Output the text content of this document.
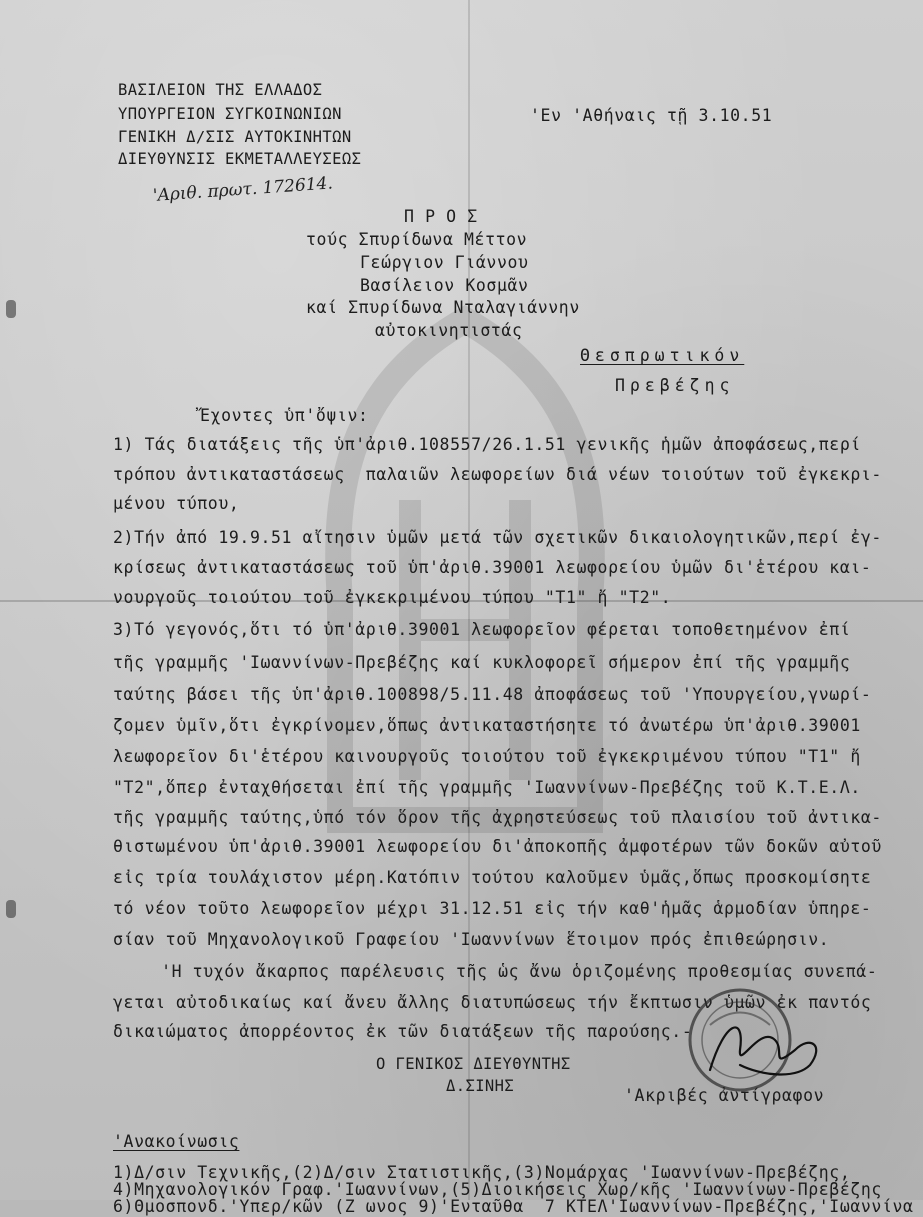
ΒΑΣΙΛΕΙΟΝ ΤΗΣ ΕΛΛΑΔΟΣ
ΥΠΟΥΡΓΕΙΟΝ ΣΥΓΚΟΙΝΩΝΙΩΝ
ΓΕΝΙΚΗ Δ/ΣΙΣ ΑΥΤΟΚΙΝΗΤΩΝ
ΔΙΕΥΘΥΝΣΙΣ ΕΚΜΕΤΑΛΛΕΥΣΕΩΣ
'Εν 'Αθήναις τῇ 3.10.51
'Αριθ. πρωτ. 172614.
Π Ρ Ο Σ
τούς Σπυρίδωνα Μέττον
Γεώργιον Γιάννου
Βασίλειον Κοσμᾶν
καί Σπυρίδωνα Νταλαγιάννην
αὐτοκινητιστάς
Θεσπρωτικόν
Πρεβέζης
Ἔχοντες ὑπ'ὄψιν:
1) Τάς διατάξεις τῆς ὑπ'ἀριθ.108557/26.1.51 γενικῆς ἡμῶν ἀποφάσεως,περί
τρόπου ἀντικαταστάσεως  παλαιῶν λεωφορείων διά νέων τοιούτων τοῦ ἐγκεκρι-
μένου τύπου,
2)Τήν ἀπό 19.9.51 αἴτησιν ὑμῶν μετά τῶν σχετικῶν δικαιολογητικῶν,περί ἐγ-
κρίσεως ἀντικαταστάσεως τοῦ ὑπ'ἀριθ.39001 λεωφορείου ὑμῶν δι'ἑτέρου και-
νουργοῦς τοιούτου τοῦ ἐγκεκριμένου τύπου "Τ1" ἤ "Τ2".
3)Τό γεγονός,ὅτι τό ὑπ'ἀριθ.39001 λεωφορεῖον φέρεται τοποθετημένον ἐπί
τῆς γραμμῆς 'Ιωαννίνων-Πρεβέζης καί κυκλοφορεῖ σήμερον ἐπί τῆς γραμμῆς
ταύτης βάσει τῆς ὑπ'ἀριθ.100898/5.11.48 ἀποφάσεως τοῦ 'Υπουργείου,γνωρί-
ζομεν ὑμῖν,ὅτι ἐγκρίνομεν,ὅπως ἀντικαταστήσητε τό ἀνωτέρω ὑπ'ἀριθ.39001
λεωφορεῖον δι'ἑτέρου καινουργοῦς τοιούτου τοῦ ἐγκεκριμένου τύπου "Τ1" ἤ
"Τ2",ὅπερ ἐνταχθήσεται ἐπί τῆς γραμμῆς 'Ιωαννίνων-Πρεβέζης τοῦ Κ.Τ.Ε.Λ.
τῆς γραμμῆς ταύτης,ὑπό τόν ὅρον τῆς ἀχρηστεύσεως τοῦ πλαισίου τοῦ ἀντικα-
θιστωμένου ὑπ'ἀριθ.39001 λεωφορείου δι'ἀποκοπῆς ἀμφοτέρων τῶν δοκῶν αὐτοῦ
εἰς τρία τουλάχιστον μέρη.Κατόπιν τούτου καλοῦμεν ὑμᾶς,ὅπως προσκομίσητε
τό νέον τοῦτο λεωφορεῖον μέχρι 31.12.51 εἰς τήν καθ'ἡμᾶς ἁρμοδίαν ὑπηρε-
σίαν τοῦ Μηχανολογικοῦ Γραφείου 'Ιωαννίνων ἕτοιμον πρός ἐπιθεώρησιν.
'Η τυχόν ἄκαρπος παρέλευσις τῆς ὡς ἄνω ὁριζομένης προθεσμίας συνεπά-
γεται αὐτοδικαίως καί ἄνευ ἄλλης διατυπώσεως τήν ἔκπτωσιν ὑμῶν ἐκ παντός
δικαιώματος ἀπορρέοντος ἐκ τῶν διατάξεων τῆς παρούσης.-
Ο ΓΕΝΙΚΟΣ ΔΙΕΥΘΥΝΤΗΣ
Δ.ΣΙΝΗΣ	'Ακριβές ἀντίγραφον
'Ανακοίνωσις
1)Δ/σιν Τεχνικῆς,(2)Δ/σιν Στατιστικῆς,(3)Νομάρχας 'Ιωαννίνων-Πρεβέζης,
4)Μηχανολογικόν Γραφ.'Ιωαννίνων,(5)Διοικήσεις Χωρ/κῆς 'Ιωαννίνων-Πρεβέζης
6)Θμοσπονδ.'Υπερ/κῶν (Ζ ωνος 9)'Ενταῦθα  7 ΚΤΕΛ'Ιωαννίνων-Πρεβέζης,'Ιωαννίνα
